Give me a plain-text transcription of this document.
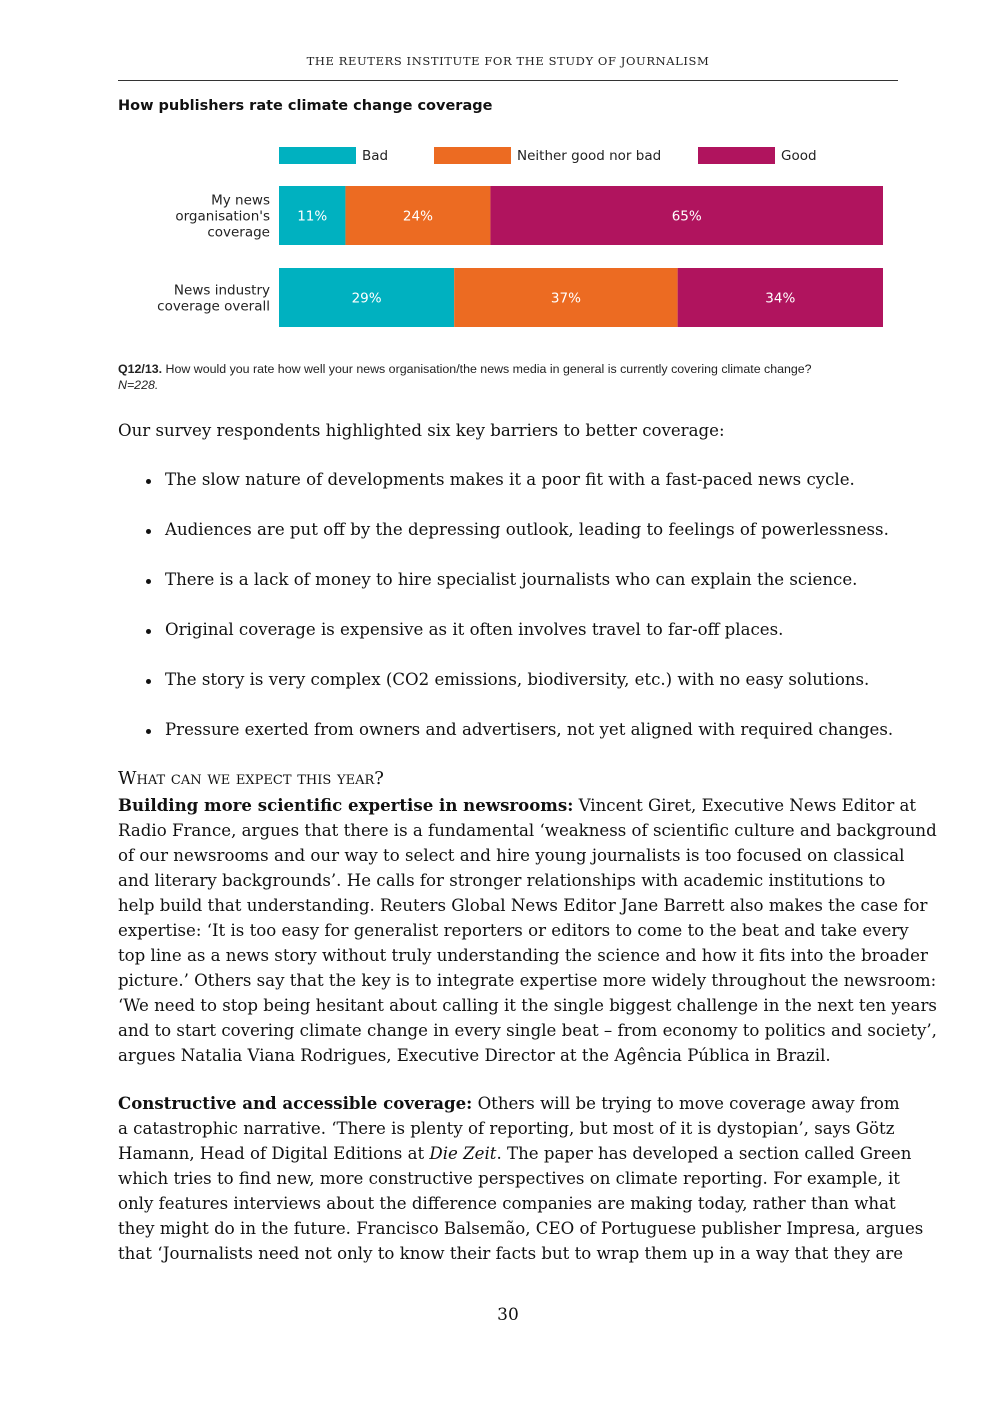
THE REUTERS INSTITUTE FOR THE STUDY OF JOURNALISM
How publishers rate climate change coverage
Bad	Neither good nor bad	Good
11%	24%	65%
My news
organisation's
coverage
29%	37%	34%
News industry
coverage overall
Q12/13. How would you rate how well your news organisation/the news media in general is currently covering climate change?
N=228.
Our survey respondents highlighted six key barriers to better coverage:
The slow nature of developments makes it a poor fit with a fast-paced news cycle.
Audiences are put off by the depressing outlook, leading to feelings of powerlessness.
There is a lack of money to hire specialist journalists who can explain the science.
Original coverage is expensive as it often involves travel to far-off places.
The story is very complex (CO2 emissions, biodiversity, etc.) with no easy solutions.
Pressure exerted from owners and advertisers, not yet aligned with required changes.
What can we expect this year?
Building more scientific expertise in newsrooms: Vincent Giret, Executive News Editor at
Radio France, argues that there is a fundamental ‘weakness of scientific culture and background
of our newsrooms and our way to select and hire young journalists is too focused on classical
and literary backgrounds’. He calls for stronger relationships with academic institutions to
help build that understanding. Reuters Global News Editor Jane Barrett also makes the case for
expertise: ‘It is too easy for generalist reporters or editors to come to the beat and take every
top line as a news story without truly understanding the science and how it fits into the broader
picture.’ Others say that the key is to integrate expertise more widely throughout the newsroom:
‘We need to stop being hesitant about calling it the single biggest challenge in the next ten years
and to start covering climate change in every single beat – from economy to politics and society’,
argues Natalia Viana Rodrigues, Executive Director at the Agência Pública in Brazil.
Constructive and accessible coverage: Others will be trying to move coverage away from
a catastrophic narrative. ‘There is plenty of reporting, but most of it is dystopian’, says Götz
Hamann, Head of Digital Editions at Die Zeit. The paper has developed a section called Green
which tries to find new, more constructive perspectives on climate reporting. For example, it
only features interviews about the difference companies are making today, rather than what
they might do in the future. Francisco Balsemão, CEO of Portuguese publisher Impresa, argues
that ‘Journalists need not only to know their facts but to wrap them up in a way that they are
30
